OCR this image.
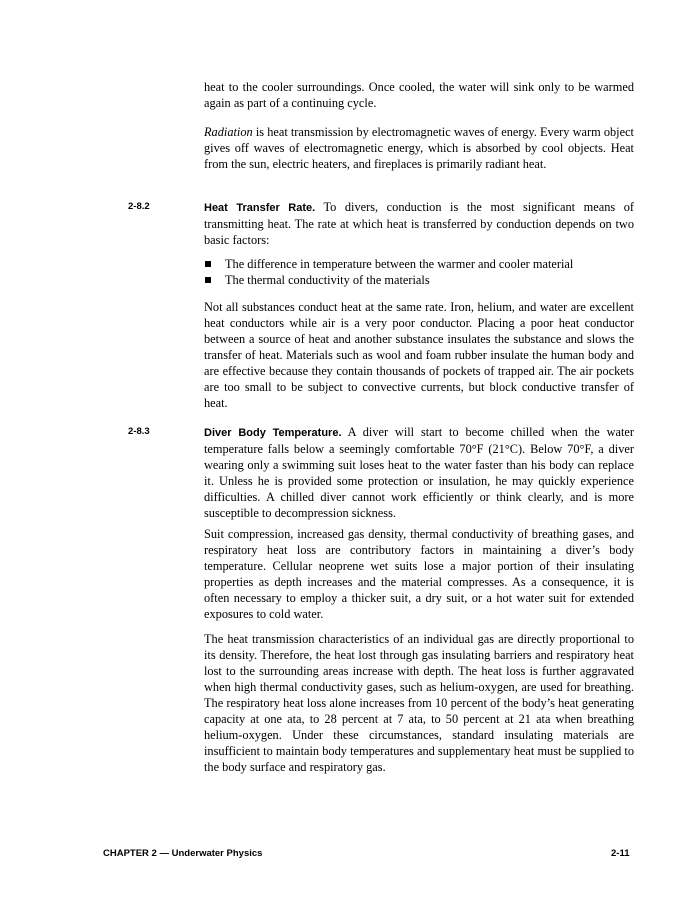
heat to the cooler surroundings. Once cooled, the water will sink only to be warmed again as part of a continuing cycle.

Radiation is heat transmission by electromagnetic waves of energy. Every warm object gives off waves of electromagnetic energy, which is absorbed by cool objects. Heat from the sun, electric heaters, and fireplaces is primarily radiant heat.

2-8.2	Heat Transfer Rate. To divers, conduction is the most significant means of transmitting heat. The rate at which heat is transferred by conduction depends on two basic factors:

The difference in temperature between the warmer and cooler material
The thermal conductivity of the materials

Not all substances conduct heat at the same rate. Iron, helium, and water are excellent heat conductors while air is a very poor conductor. Placing a poor heat conductor between a source of heat and another substance insulates the substance and slows the transfer of heat. Materials such as wool and foam rubber insulate the human body and are effective because they contain thousands of pockets of trapped air. The air pockets are too small to be subject to convective currents, but block conductive transfer of heat.

2-8.3	Diver Body Temperature. A diver will start to become chilled when the water temperature falls below a seemingly comfortable 70°F (21°C). Below 70°F, a diver wearing only a swimming suit loses heat to the water faster than his body can replace it. Unless he is provided some protection or insulation, he may quickly experience difficulties. A chilled diver cannot work efficiently or think clearly, and is more susceptible to decompression sickness.

Suit compression, increased gas density, thermal conductivity of breathing gases, and respiratory heat loss are contributory factors in maintaining a diver’s body temperature. Cellular neoprene wet suits lose a major portion of their insulating properties as depth increases and the material compresses. As a consequence, it is often necessary to employ a thicker suit, a dry suit, or a hot water suit for extended exposures to cold water.

The heat transmission characteristics of an individual gas are directly proportional to its density. Therefore, the heat lost through gas insulating barriers and respiratory heat lost to the surrounding areas increase with depth. The heat loss is further aggravated when high thermal conductivity gases, such as helium-oxygen, are used for breathing. The respiratory heat loss alone increases from 10 percent of the body’s heat generating capacity at one ata, to 28 percent at 7 ata, to 50 percent at 21 ata when breathing helium-oxygen. Under these circumstances, standard insulating materials are insufficient to maintain body temperatures and supplementary heat must be supplied to the body surface and respiratory gas.

CHAPTER 2 — Underwater Physics	2-11
